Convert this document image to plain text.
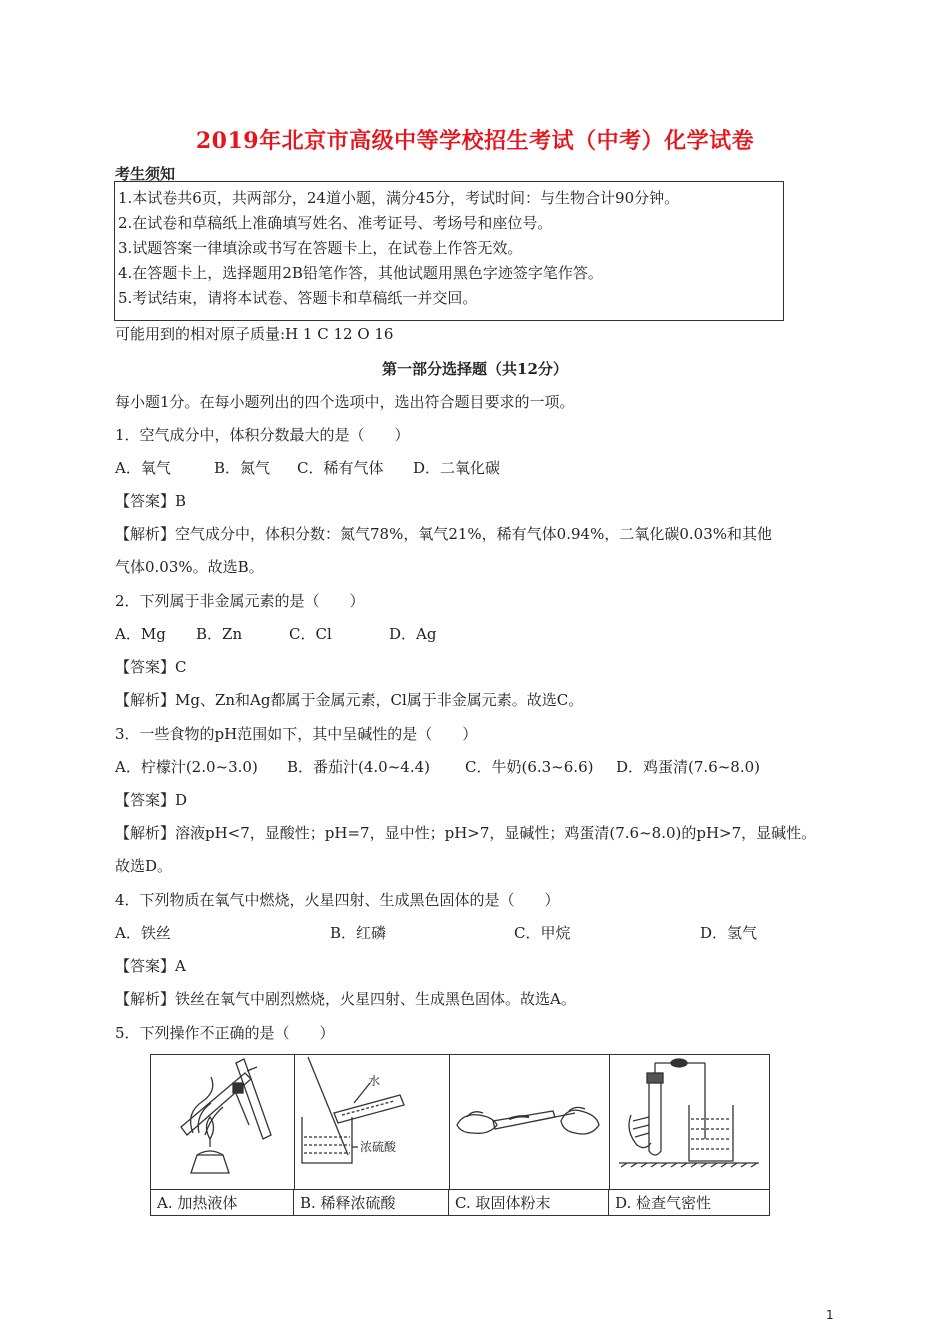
2019年北京市高级中等学校招生考试（中考）化学试卷
考生须知
1.本试卷共6页，共两部分，24道小题，满分45分，考试时间：与生物合计90分钟。
2.在试卷和草稿纸上准确填写姓名、准考证号、考场号和座位号。
3.试题答案一律填涂或书写在答题卡上，在试卷上作答无效。
4.在答题卡上，选择题用2B铅笔作答，其他试题用黑色字迹签字笔作答。
5.考试结束，请将本试卷、答题卡和草稿纸一并交回。
可能用到的相对原子质量:H 1 C 12 O 16
第一部分选择题（共12分）
每小题1分。在每小题列出的四个选项中，选出符合题目要求的一项。
1．空气成分中，体积分数最大的是（　　）
A．氧气	B．氮气 C．稀有气体 D．二氧化碳
【答案】B
【解析】空气成分中，体积分数：氮气78%，氧气21%，稀有气体0.94%，二氧化碳0.03%和其他
气体0.03%。故选B。
2．下列属于非金属元素的是（　　）
A．Mg B．Zn	C．Cl	D．Ag
【答案】C
【解析】Mg、Zn和Ag都属于金属元素，Cl属于非金属元素。故选C。
3．一些食物的pH范围如下，其中呈碱性的是（　　）
A．柠檬汁(2.0~3.0) B．番茄汁(4.0~4.4) C．牛奶(6.3~6.6) D．鸡蛋清(7.6~8.0)
【答案】D
【解析】溶液pH<7，显酸性；pH=7，显中性；pH>7，显碱性；鸡蛋清(7.6~8.0)的pH>7，显碱性。
故选D。
4．下列物质在氧气中燃烧，火星四射、生成黑色固体的是（　　）
A．铁丝	B．红磷	C．甲烷	D．氢气
【答案】A
【解析】铁丝在氧气中剧烈燃烧，火星四射、生成黑色固体。故选A。
5．下列操作不正确的是（　　）
水
浓硫酸
A. 加热液体	B. 稀释浓硫酸	C. 取固体粉末	D. 检查气密性
1
